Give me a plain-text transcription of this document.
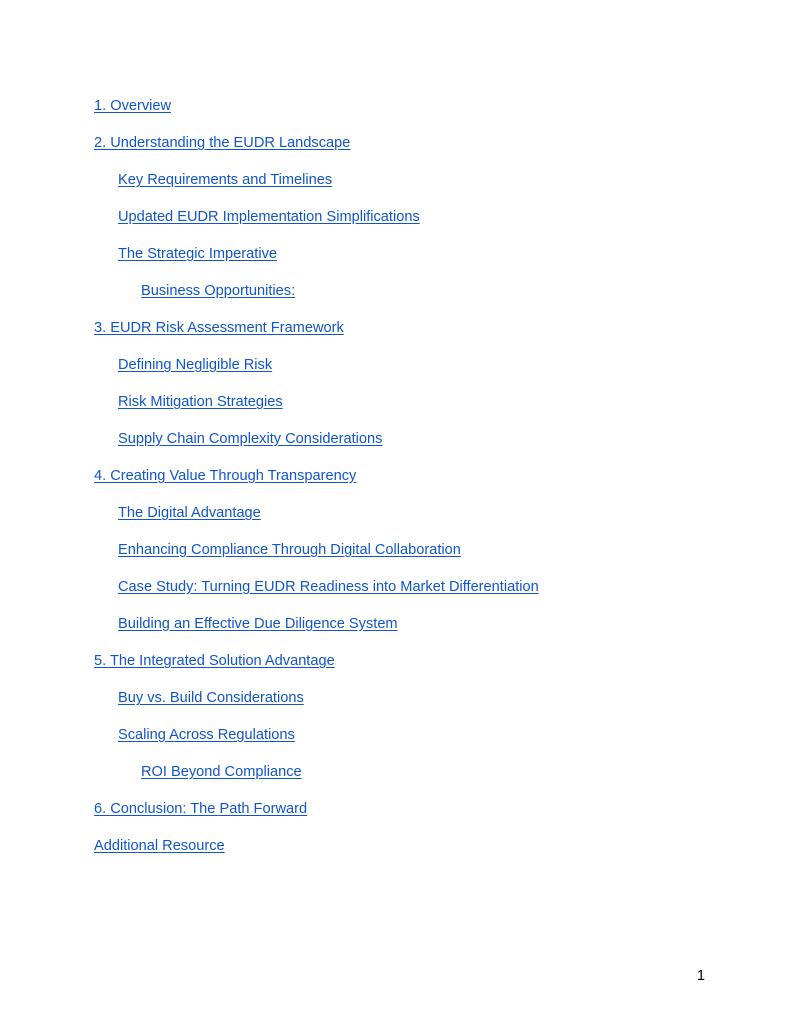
1. Overview
2. Understanding the EUDR Landscape
Key Requirements and Timelines
Updated EUDR Implementation Simplifications
The Strategic Imperative
Business Opportunities:
3. EUDR Risk Assessment Framework
Defining Negligible Risk
Risk Mitigation Strategies
Supply Chain Complexity Considerations
4. Creating Value Through Transparency
The Digital Advantage
Enhancing Compliance Through Digital Collaboration
Case Study: Turning EUDR Readiness into Market Differentiation
Building an Effective Due Diligence System
5. The Integrated Solution Advantage
Buy vs. Build Considerations
Scaling Across Regulations
ROI Beyond Compliance
6. Conclusion: The Path Forward
Additional Resource
1
